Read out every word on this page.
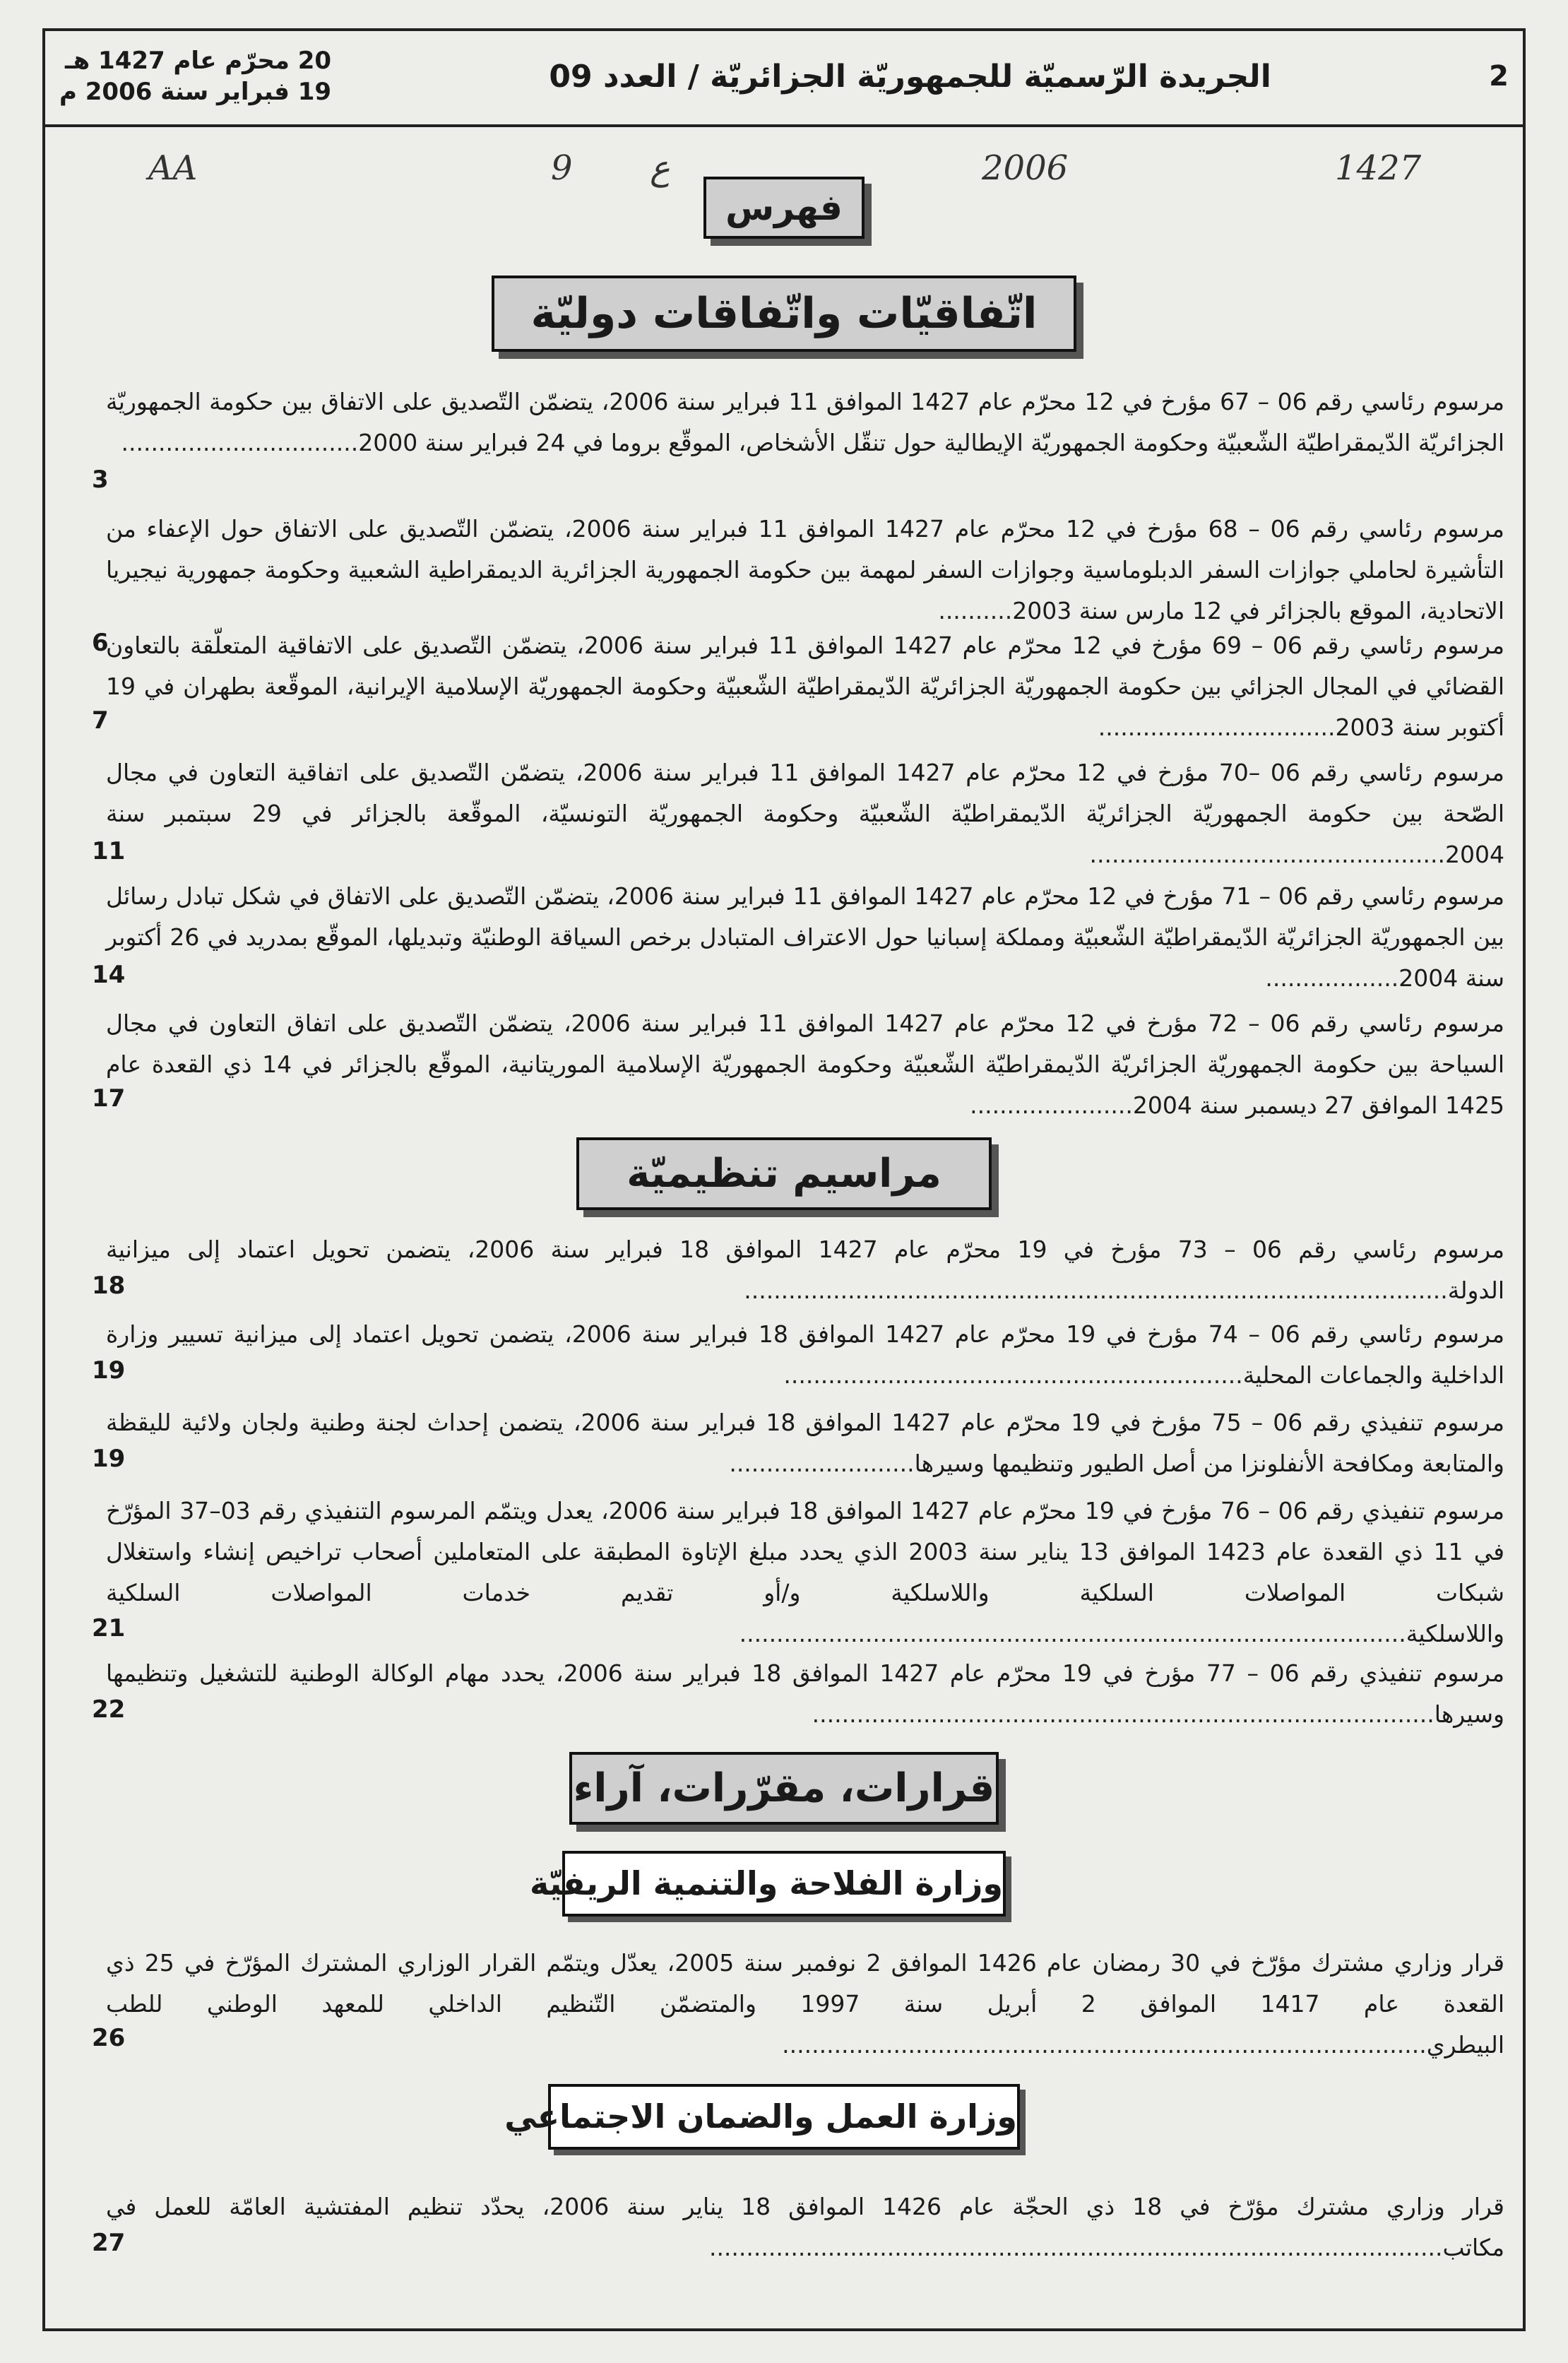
2
الجريدة الرّسميّة للجمهوريّة الجزائريّة / العدد 09
20 محرّم عام 1427 هـ
19 فبراير سنة 2006 م
AA	9 ع	2006	1427
فهرس
اتّفاقيّات واتّفاقات دوليّة
مرسوم رئاسي رقم 06 – 67 مؤرخ في 12 محرّم عام 1427 الموافق 11 فبراير سنة 2006، يتضمّن التّصديق على الاتفاق بين حكومة الجمهوريّة الجزائريّة الدّيمقراطيّة الشّعبيّة وحكومة الجمهوريّة الإيطالية حول تنقّل الأشخاص، الموقّع بروما في 24 فبراير سنة 2000................................
3
مرسوم رئاسي رقم 06 – 68 مؤرخ في 12 محرّم عام 1427 الموافق 11 فبراير سنة 2006، يتضمّن التّصديق على الاتفاق حول الإعفاء من التأشيرة لحاملي جوازات السفر الدبلوماسية وجوازات السفر لمهمة بين حكومة الجمهورية الجزائرية الديمقراطية الشعبية وحكومة جمهورية نيجيريا الاتحادية، الموقع بالجزائر في 12 مارس سنة 2003..........
6
مرسوم رئاسي رقم 06 – 69 مؤرخ في 12 محرّم عام 1427 الموافق 11 فبراير سنة 2006، يتضمّن التّصديق على الاتفاقية المتعلّقة بالتعاون القضائي في المجال الجزائي بين حكومة الجمهوريّة الجزائريّة الدّيمقراطيّة الشّعبيّة وحكومة الجمهوريّة الإسلامية الإيرانية، الموقّعة بطهران في 19 أكتوبر سنة 2003................................
7
مرسوم رئاسي رقم 06 –70 مؤرخ في 12 محرّم عام 1427 الموافق 11 فبراير سنة 2006، يتضمّن التّصديق على اتفاقية التعاون في مجال الصّحة بين حكومة الجمهوريّة الجزائريّة الدّيمقراطيّة الشّعبيّة وحكومة الجمهوريّة التونسيّة، الموقّعة بالجزائر في 29 سبتمبر سنة 2004................................................
11
مرسوم رئاسي رقم 06 – 71 مؤرخ في 12 محرّم عام 1427 الموافق 11 فبراير سنة 2006، يتضمّن التّصديق على الاتفاق في شكل تبادل رسائل بين الجمهوريّة الجزائريّة الدّيمقراطيّة الشّعبيّة ومملكة إسبانيا حول الاعتراف المتبادل برخص السياقة الوطنيّة وتبديلها، الموقّع بمدريد في 26 أكتوبر سنة 2004..................
14
مرسوم رئاسي رقم 06 – 72 مؤرخ في 12 محرّم عام 1427 الموافق 11 فبراير سنة 2006، يتضمّن التّصديق على اتفاق التعاون في مجال السياحة بين حكومة الجمهوريّة الجزائريّة الدّيمقراطيّة الشّعبيّة وحكومة الجمهوريّة الإسلامية الموريتانية، الموقّع بالجزائر في 14 ذي القعدة عام 1425 الموافق 27 ديسمبر سنة 2004......................
17
مراسيم تنظيميّة
مرسوم رئاسي رقم 06 – 73 مؤرخ في 19 محرّم عام 1427 الموافق 18 فبراير سنة 2006، يتضمن تحويل اعتماد إلى ميزانية الدولة...............................................................................................
18
مرسوم رئاسي رقم 06 – 74 مؤرخ في 19 محرّم عام 1427 الموافق 18 فبراير سنة 2006، يتضمن تحويل اعتماد إلى ميزانية تسيير وزارة الداخلية والجماعات المحلية..............................................................
19
مرسوم تنفيذي رقم 06 – 75 مؤرخ في 19 محرّم عام 1427 الموافق 18 فبراير سنة 2006، يتضمن إحداث لجنة وطنية ولجان ولائية لليقظة والمتابعة ومكافحة الأنفلونزا من أصل الطيور وتنظيمها وسيرها.........................
19
مرسوم تنفيذي رقم 06 – 76 مؤرخ في 19 محرّم عام 1427 الموافق 18 فبراير سنة 2006، يعدل ويتمّم المرسوم التنفيذي رقم 03–37 المؤرّخ في 11 ذي القعدة عام 1423 الموافق 13 يناير سنة 2003 الذي يحدد مبلغ الإتاوة المطبقة على المتعاملين أصحاب تراخيص إنشاء واستغلال شبكات المواصلات السلكية واللاسلكية و/أو تقديم خدمات المواصلات السلكية واللاسلكية..........................................................................................
21
مرسوم تنفيذي رقم 06 – 77 مؤرخ في 19 محرّم عام 1427 الموافق 18 فبراير سنة 2006، يحدد مهام الوكالة الوطنية للتشغيل وتنظيمها وسيرها....................................................................................
22
قرارات، مقرّرات، آراء
وزارة الفلاحة والتنمية الريفيّة
قرار وزاري مشترك مؤرّخ في 30 رمضان عام 1426 الموافق 2 نوفمبر سنة 2005، يعدّل ويتمّم القرار الوزاري المشترك المؤرّخ في 25 ذي القعدة عام 1417 الموافق 2 أبريل سنة 1997 والمتضمّن التّنظيم الداخلي للمعهد الوطني للطب البيطري.......................................................................................
26
وزارة العمل والضمان الاجتماعي
قرار وزاري مشترك مؤرّخ في 18 ذي الحجّة عام 1426 الموافق 18 يناير سنة 2006، يحدّد تنظيم المفتشية العامّة للعمل في مكاتب...................................................................................................
27
